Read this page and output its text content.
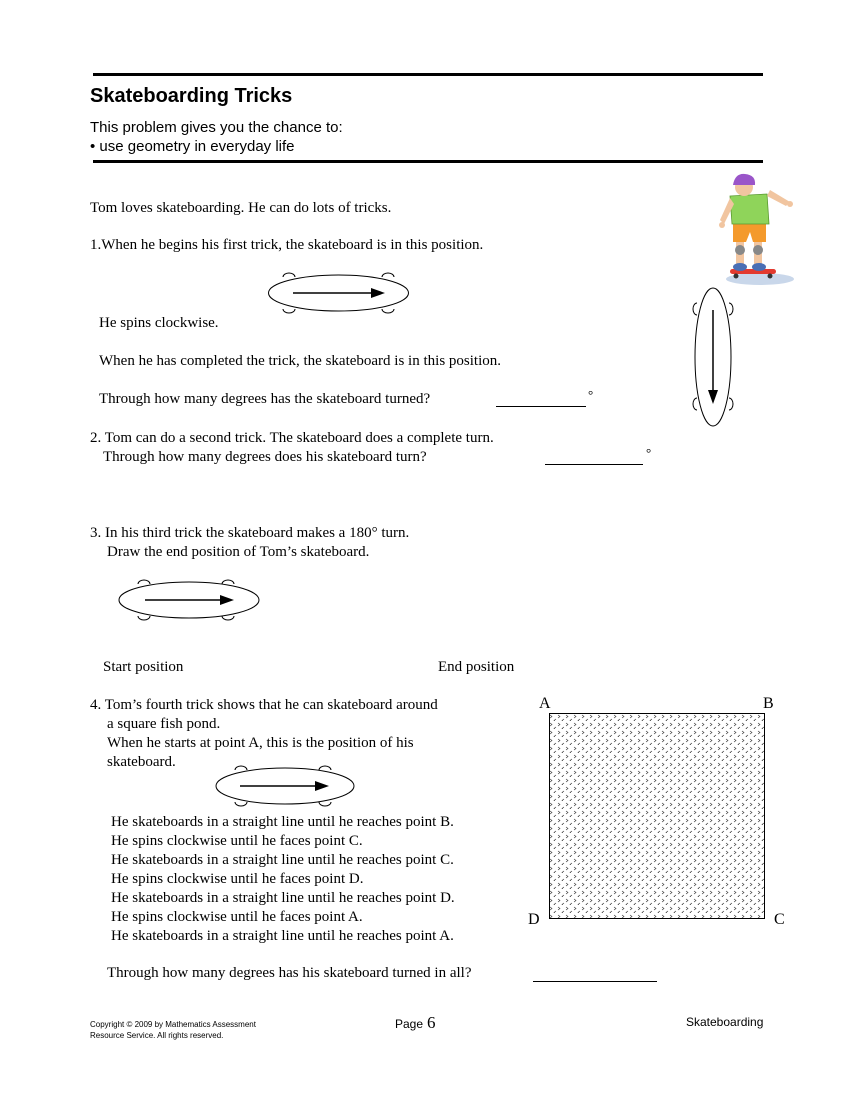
Skateboarding Tricks
This problem gives you the chance to:
• use geometry in everyday life
Tom loves skateboarding. He can do lots of tricks.
1.When he begins his first trick, the skateboard is in this position.
He spins clockwise.
When he has completed the trick, the skateboard is in this position.
Through how many degrees has the skateboard turned?	°
2. Tom can do a second trick. The skateboard does a complete turn.
Through how many degrees does his skateboard turn?	°
3. In his third trick the skateboard makes a 180° turn.
Draw the end position of Tom’s skateboard.
Start position	End position
4. Tom’s fourth trick shows that he can skateboard around
a square fish pond.
When he starts at point A, this is the position of his
skateboard.
He skateboards in a straight line until he reaches point B.
He spins clockwise until he faces point C.
He skateboards in a straight line until he reaches point C.
He spins clockwise until he faces point D.
He skateboards in a straight line until he reaches point D.
He spins clockwise until he faces point A.
He skateboards in a straight line until he reaches point A.
A	B
D	C
Through how many degrees has his skateboard turned in all?
Copyright © 2009 by Mathematics Assessment
Resource Service. All rights reserved.
Page 6	Skateboarding
